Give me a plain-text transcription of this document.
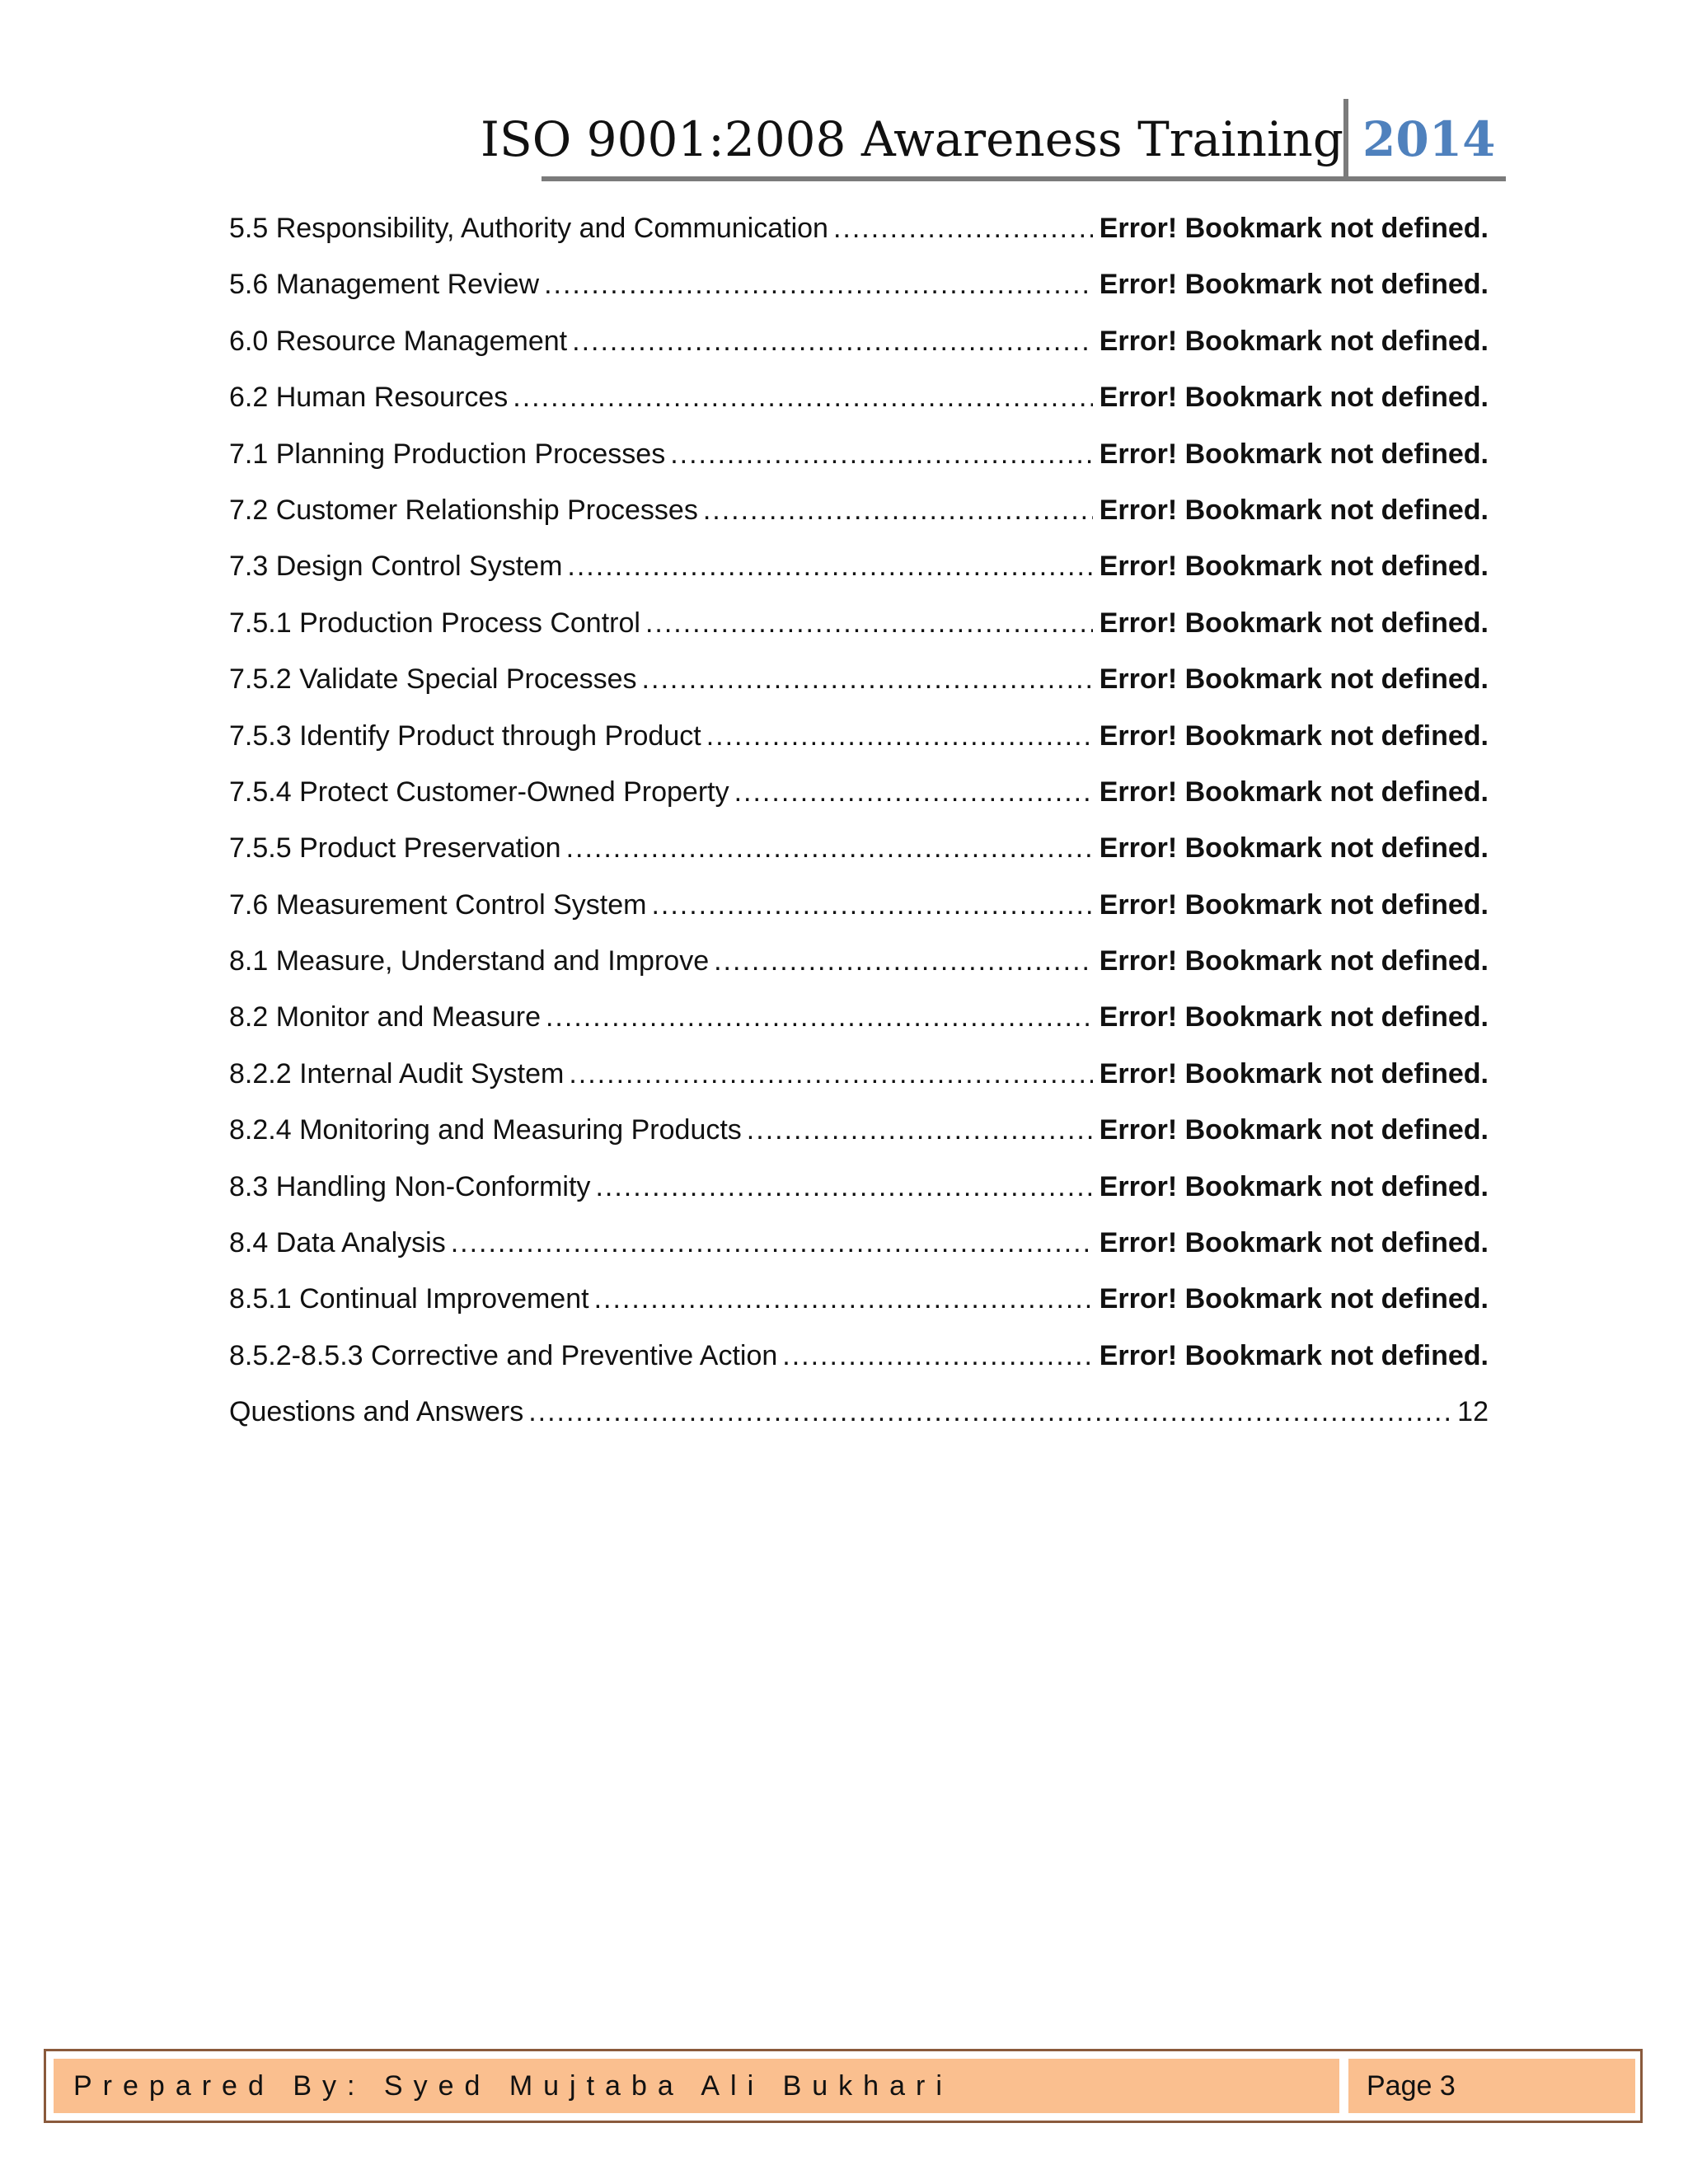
ISO 9001:2008 Awareness Training 2014
5.5 Responsibility, Authority and Communication .....	Error! Bookmark not defined.
5.6 Management Review .....	Error! Bookmark not defined.
6.0 Resource Management .....	Error! Bookmark not defined.
6.2 Human Resources .....	Error! Bookmark not defined.
7.1 Planning Production Processes .....	Error! Bookmark not defined.
7.2 Customer Relationship Processes .....	Error! Bookmark not defined.
7.3 Design Control System .....	Error! Bookmark not defined.
7.5.1 Production Process Control .....	Error! Bookmark not defined.
7.5.2 Validate Special Processes .....	Error! Bookmark not defined.
7.5.3 Identify Product through Product .....	Error! Bookmark not defined.
7.5.4 Protect Customer-Owned Property .....	Error! Bookmark not defined.
7.5.5 Product Preservation .....	Error! Bookmark not defined.
7.6 Measurement Control System .....	Error! Bookmark not defined.
8.1 Measure, Understand and Improve .....	Error! Bookmark not defined.
8.2 Monitor and Measure .....	Error! Bookmark not defined.
8.2.2 Internal Audit System .....	Error! Bookmark not defined.
8.2.4 Monitoring and Measuring Products .....	Error! Bookmark not defined.
8.3 Handling Non-Conformity .....	Error! Bookmark not defined.
8.4 Data Analysis .....	Error! Bookmark not defined.
8.5.1 Continual Improvement .....	Error! Bookmark not defined.
8.5.2-8.5.3 Corrective and Preventive Action .....	Error! Bookmark not defined.
Questions and Answers .....	12
Prepared By: Syed Mujtaba Ali Bukhari	Page 3
